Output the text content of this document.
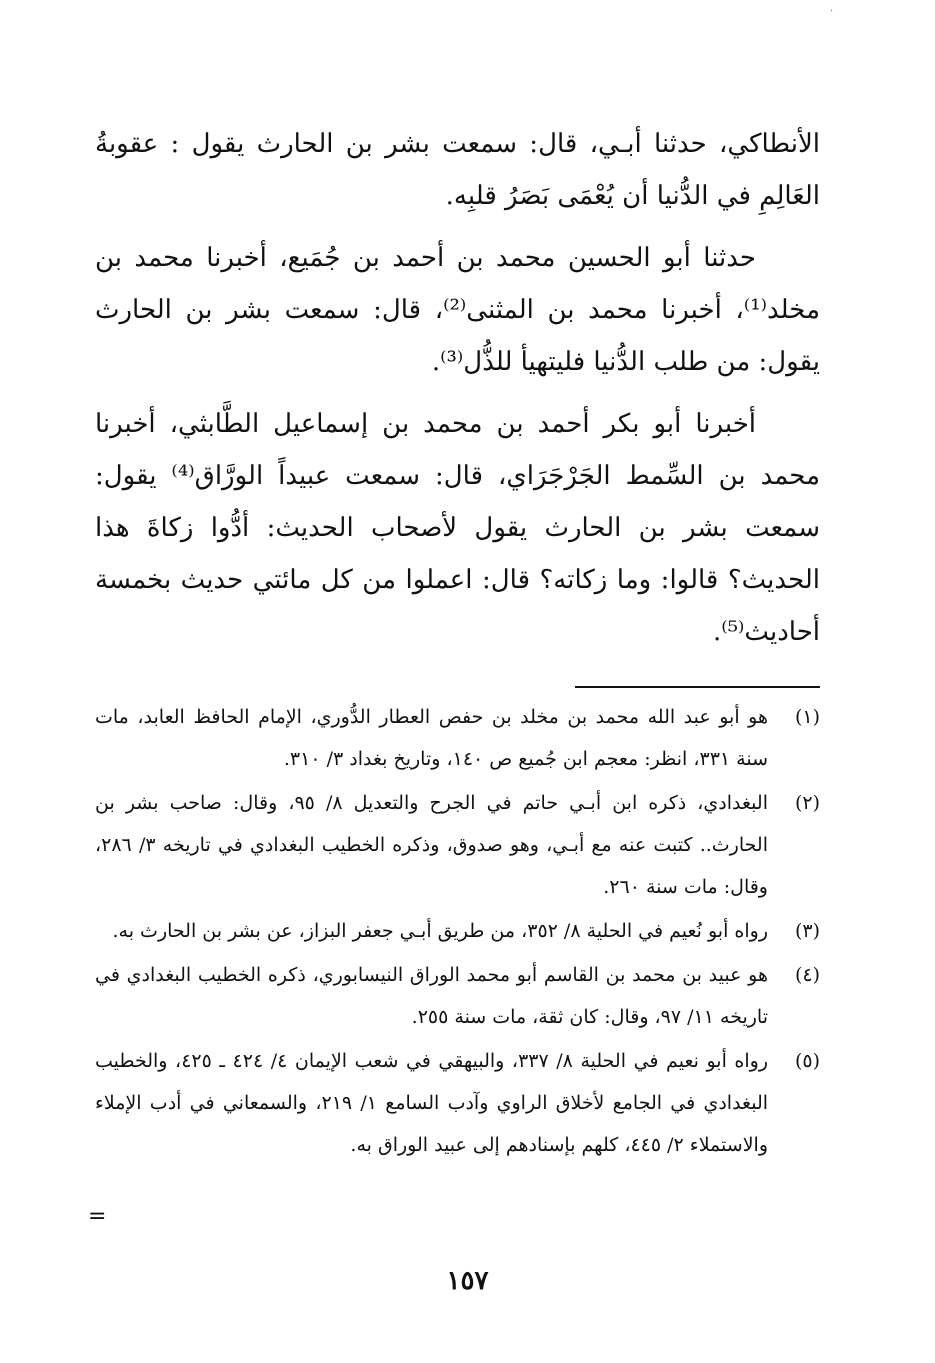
·

الأنطاكي، حدثنا أبـي، قال: سمعت بشر بن الحارث يقول : عقوبةُ العَالِمِ في الدُّنيا أن يُعْمَى بَصَرُ قلبِه.

حدثنا أبو الحسين محمد بن أحمد بن جُمَيع، أخبرنا محمد بن مخلد⁽¹⁾، أخبرنا محمد بن المثنى⁽²⁾، قال: سمعت بشر بن الحارث يقول: من طلب الدُّنيا فليتهيأ للذُّل⁽³⁾.

أخبرنا أبو بكر أحمد بن محمد بن إسماعيل الطَّابثي، أخبرنا محمد بن السِّمط الجَرْجَرَاي، قال: سمعت عبيداً الورَّاق⁽⁴⁾ يقول: سمعت بشر بن الحارث يقول لأصحاب الحديث: أدُّوا زكاةَ هذا الحديث؟ قالوا: وما زكاته؟ قال: اعملوا من كل مائتي حديث بخمسة أحاديث⁽⁵⁾.

(١)
هو أبو عبد الله محمد بن مخلد بن حفص العطار الدُّوري، الإمام الحافظ العابد، مات سنة ٣٣١، انظر: معجم ابن جُميع ص ١٤٠، وتاريخ بغداد ٣/ ٣١٠.
(٢)
البغدادي، ذكره ابن أبـي حاتم في الجرح والتعديل ٨/ ٩٥، وقال: صاحب بشر بن الحارث.. كتبت عنه مع أبـي، وهو صدوق، وذكره الخطيب البغدادي في تاريخه ٣/ ٢٨٦، وقال: مات سنة ٢٦٠.
(٣)
رواه أبو نُعيم في الحلية ٨/ ٣٥٢، من طريق أبـي جعفر البزاز، عن بشر بن الحارث به.
(٤)
هو عبيد بن محمد بن القاسم أبو محمد الوراق النيسابوري، ذكره الخطيب البغدادي في تاريخه ١١/ ٩٧، وقال: كان ثقة، مات سنة ٢٥٥.
(٥)
رواه أبو نعيم في الحلية ٨/ ٣٣٧، والبيهقي في شعب الإيمان ٤/ ٤٢٤ ـ ٤٢٥، والخطيب البغدادي في الجامع لأخلاق الراوي وآدب السامع ١/ ٢١٩، والسمعاني في أدب الإملاء والاستملاء ٢/ ٤٤٥، كلهم بإسنادهم إلى عبيد الوراق به.
=
١٥٧
